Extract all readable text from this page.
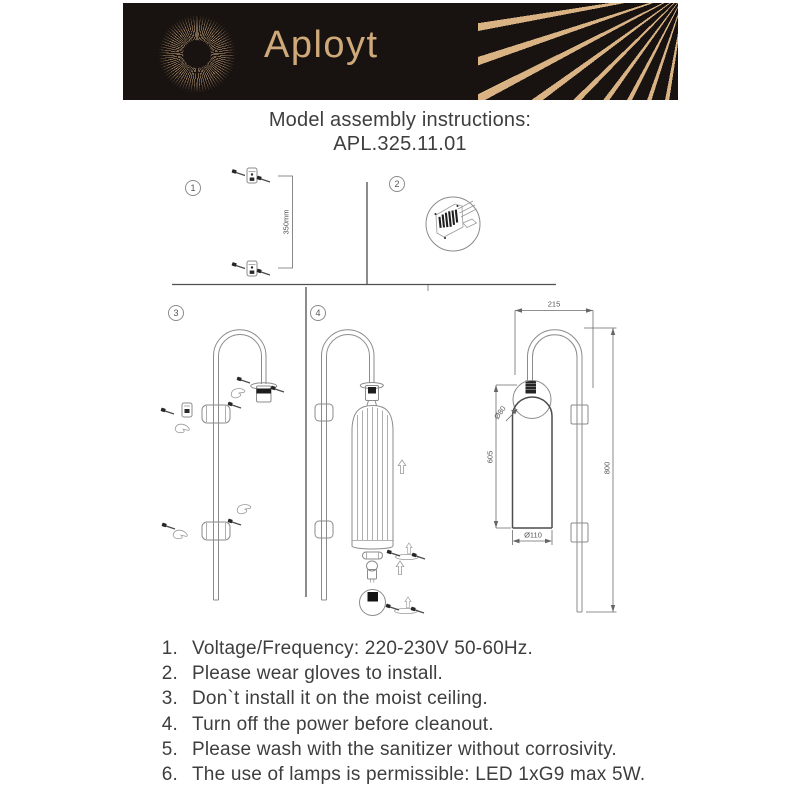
Aployt
Model assembly instructions:
APL.325.11.01
1	2
3	4
350mm
215
800
605
Ø80
Ø110
1. Voltage/Frequency: 220-230V 50-60Hz.
2. Please wear gloves to install.
3. Don`t install it on the moist ceiling.
4. Turn off the power before cleanout.
5. Please wash with the sanitizer without corrosivity.
6. The use of lamps is permissible: LED 1xG9 max 5W.
